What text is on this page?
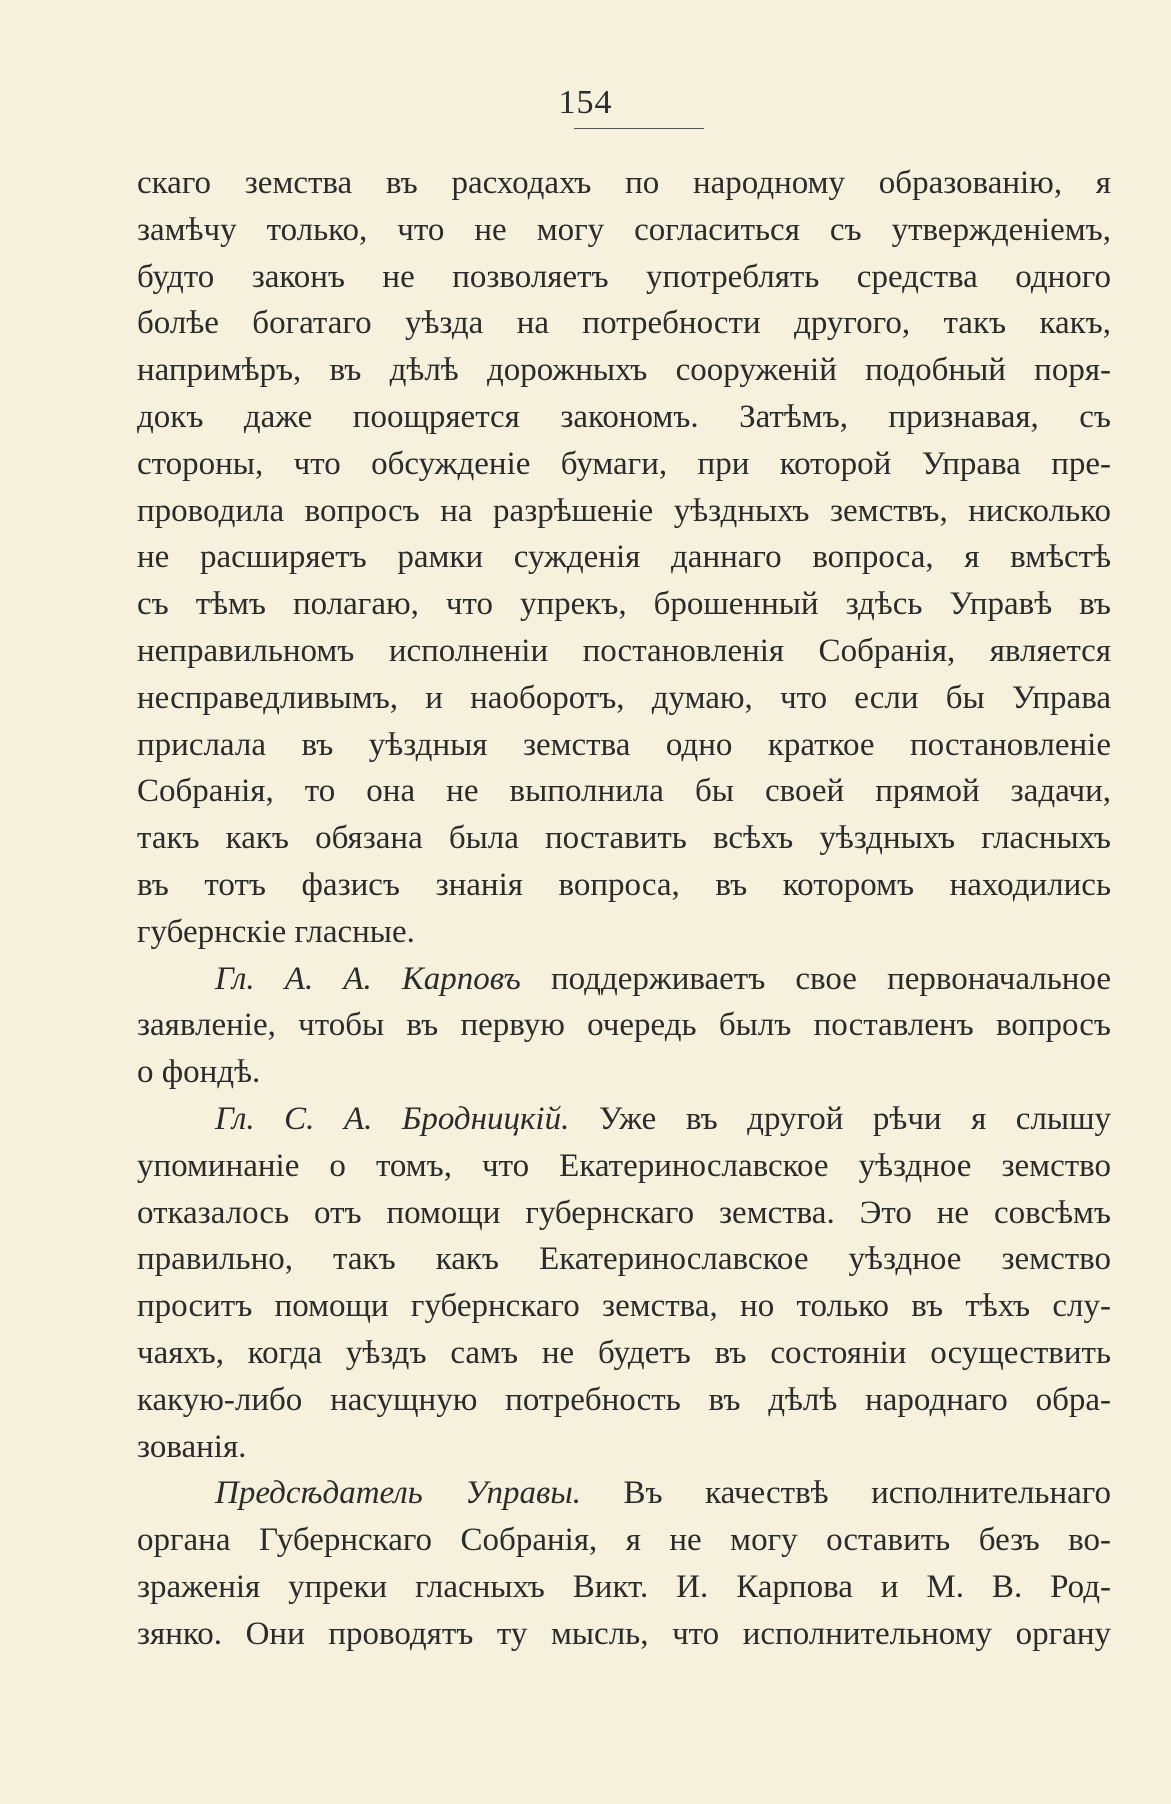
154
скаго земства въ расходахъ по народному образованію, я
замѣчу только, что не могу согласиться съ утвержденіемъ,
будто законъ не позволяетъ употреблять средства одного
болѣе богатаго уѣзда на потребности другого, такъ какъ,
напримѣръ, въ дѣлѣ дорожныхъ сооруженій подобный поря-
докъ даже поощряется закономъ. Затѣмъ, признавая, съ
стороны, что обсужденіе бумаги, при которой Управа пре-
проводила вопросъ на разрѣшеніе уѣздныхъ земствъ, нисколько
не расширяетъ рамки сужденія даннаго вопроса, я вмѣстѣ
съ тѣмъ полагаю, что упрекъ, брошенный здѣсь Управѣ въ
неправильномъ исполненіи постановленія Собранія, является
несправедливымъ, и наоборотъ, думаю, что если бы Управа
прислала въ уѣздныя земства одно краткое постановленіе
Собранія, то она не выполнила бы своей прямой задачи,
такъ какъ обязана была поставить всѣхъ уѣздныхъ гласныхъ
въ тотъ фазисъ знанія вопроса, въ которомъ находились
губернскіе гласные.
Гл. А. А. Карповъ поддерживаетъ свое первоначальное
заявленіе, чтобы въ первую очередь былъ поставленъ вопросъ
о фондѣ.
Гл. С. А. Бродницкій. Уже въ другой рѣчи я слышу
упоминаніе о томъ, что Екатеринославское уѣздное земство
отказалось отъ помощи губернскаго земства. Это не совсѣмъ
правильно, такъ какъ Екатеринославское уѣздное земство
проситъ помощи губернскаго земства, но только въ тѣхъ слу-
чаяхъ, когда уѣздъ самъ не будетъ въ состояніи осуществить
какую-либо насущную потребность въ дѣлѣ народнаго обра-
зованія.
Предсѣдатель Управы. Въ качествѣ исполнительнаго
органа Губернскаго Собранія, я не могу оставить безъ во-
зраженія упреки гласныхъ Викт. И. Карпова и М. В. Род-
зянко. Они проводятъ ту мысль, что исполнительному органу
